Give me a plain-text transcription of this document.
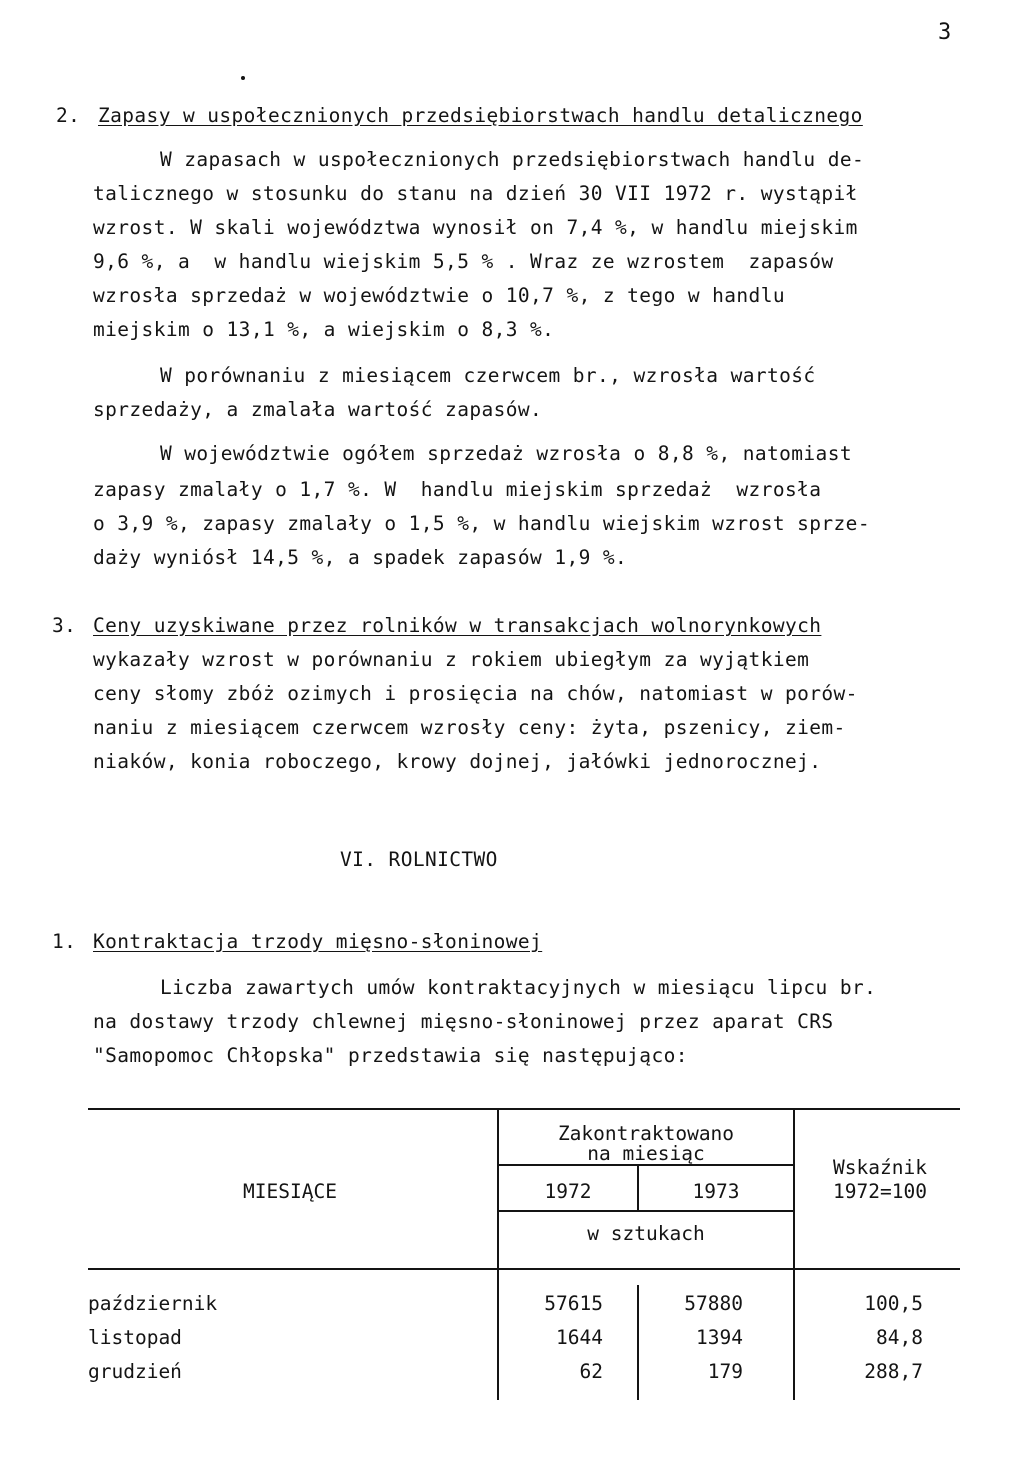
3
2. Zapasy w uspołecznionych przedsiębiorstwach handlu detalicznego
W zapasach w uspołecznionych przedsiębiorstwach handlu de-
talicznego w stosunku do stanu na dzień 30 VII 1972 r. wystąpił
wzrost. W skali województwa wynosił on 7,4 %, w handlu miejskim
9,6 %, a  w handlu wiejskim 5,5 % . Wraz ze wzrostem  zapasów
wzrosła sprzedaż w województwie o 10,7 %, z tego w handlu
miejskim o 13,1 %, a wiejskim o 8,3 %.
W porównaniu z miesiącem czerwcem br., wzrosła wartość
sprzedaży, a zmalała wartość zapasów.
W województwie ogółem sprzedaż wzrosła o 8,8 %, natomiast
zapasy zmalały o 1,7 %. W  handlu miejskim sprzedaż  wzrosła
o 3,9 %, zapasy zmalały o 1,5 %, w handlu wiejskim wzrost sprze-
daży wyniósł 14,5 %, a spadek zapasów 1,9 %.
3. Ceny uzyskiwane przez rolników w transakcjach wolnorynkowych
wykazały wzrost w porównaniu z rokiem ubiegłym za wyjątkiem
ceny słomy zbóż ozimych i prosięcia na chów, natomiast w porów-
naniu z miesiącem czerwcem wzrosły ceny: żyta, pszenicy, ziem-
niaków, konia roboczego, krowy dojnej, jałówki jednorocznej.
VI. ROLNICTWO
1. Kontraktacja trzody mięsno-słoninowej
Liczba zawartych umów kontraktacyjnych w miesiącu lipcu br.
na dostawy trzody chlewnej mięsno-słoninowej przez aparat CRS
"Samopomoc Chłopska" przedstawia się następująco:
MIESIĄCE
Zakontraktowano
na miesiąc
1972	1973
w sztukach
Wskaźnik
1972=100
październik	57615	57880	100,5
listopad	1644	1394	84,8
grudzień	62	179	288,7
